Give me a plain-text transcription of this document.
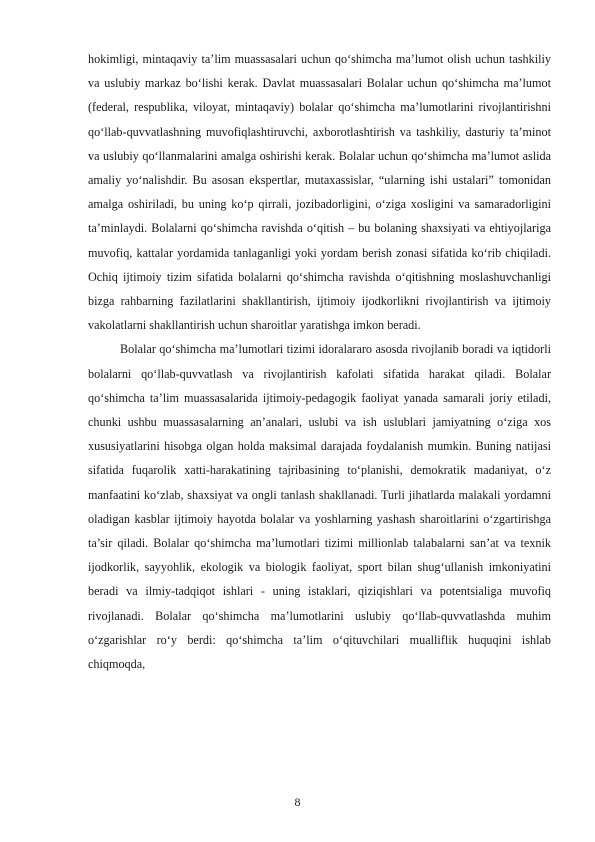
hokimligi, mintaqaviy ta’lim muassasalari uchun qo‘shimcha ma’lumot olish uchun tashkiliy va uslubiy markaz bo‘lishi kerak. Davlat muassasalari Bolalar uchun qo‘shimcha ma’lumot (federal, respublika, viloyat, mintaqaviy) bolalar qo‘shimcha ma’lumotlarini rivojlantirishni qo‘llab-quvvatlashning muvofiqlashtiruvchi, axborotlashtirish va tashkiliy, dasturiy ta’minot va uslubiy qo‘llanmalarini amalga oshirishi kerak. Bolalar uchun qo‘shimcha ma’lumot aslida amaliy yo‘nalishdir. Bu asosan ekspertlar, mutaxassislar, “ularning ishi ustalari” tomonidan amalga oshiriladi, bu uning ko‘p qirrali, jozibadorligini, o‘ziga xosligini va samaradorligini ta’minlaydi. Bolalarni qo‘shimcha ravishda o‘qitish – bu bolaning shaxsiyati va ehtiyojlariga muvofiq, kattalar yordamida tanlaganligi yoki yordam berish zonasi sifatida ko‘rib chiqiladi. Ochiq ijtimoiy tizim sifatida bolalarni qo‘shimcha ravishda o‘qitishning moslashuvchanligi bizga rahbarning fazilatlarini shakllantirish, ijtimoiy ijodkorlikni rivojlantirish va ijtimoiy vakolatlarni shakllantirish uchun sharoitlar yaratishga imkon beradi.

Bolalar qo‘shimcha ma’lumotlari tizimi idoralararo asosda rivojlanib boradi va iqtidorli bolalarni qo‘llab-quvvatlash va rivojlantirish kafolati sifatida harakat qiladi. Bolalar qo‘shimcha ta’lim muassasalarida ijtimoiy-pedagogik faoliyat yanada samarali joriy etiladi, chunki ushbu muassasalarning an’analari, uslubi va ish uslublari jamiyatning o‘ziga xos xususiyatlarini hisobga olgan holda maksimal darajada foydalanish mumkin. Buning natijasi sifatida fuqarolik xatti-harakatining tajribasining to‘planishi, demokratik madaniyat, o‘z manfaatini ko‘zlab, shaxsiyat va ongli tanlash shakllanadi. Turli jihatlarda malakali yordamni oladigan kasblar ijtimoiy hayotda bolalar va yoshlarning yashash sharoitlarini o‘zgartirishga ta’sir qiladi. Bolalar qo‘shimcha ma’lumotlari tizimi millionlab talabalarni san’at va texnik ijodkorlik, sayyohlik, ekologik va biologik faoliyat, sport bilan shug‘ullanish imkoniyatini beradi va ilmiy-tadqiqot ishlari - uning istaklari, qiziqishlari va potentsialiga muvofiq rivojlanadi. Bolalar qo‘shimcha ma’lumotlarini uslubiy qo‘llab-quvvatlashda muhim o‘zgarishlar ro‘y berdi: qo‘shimcha ta’lim o‘qituvchilari mualliflik huquqini ishlab chiqmoqda,

8
